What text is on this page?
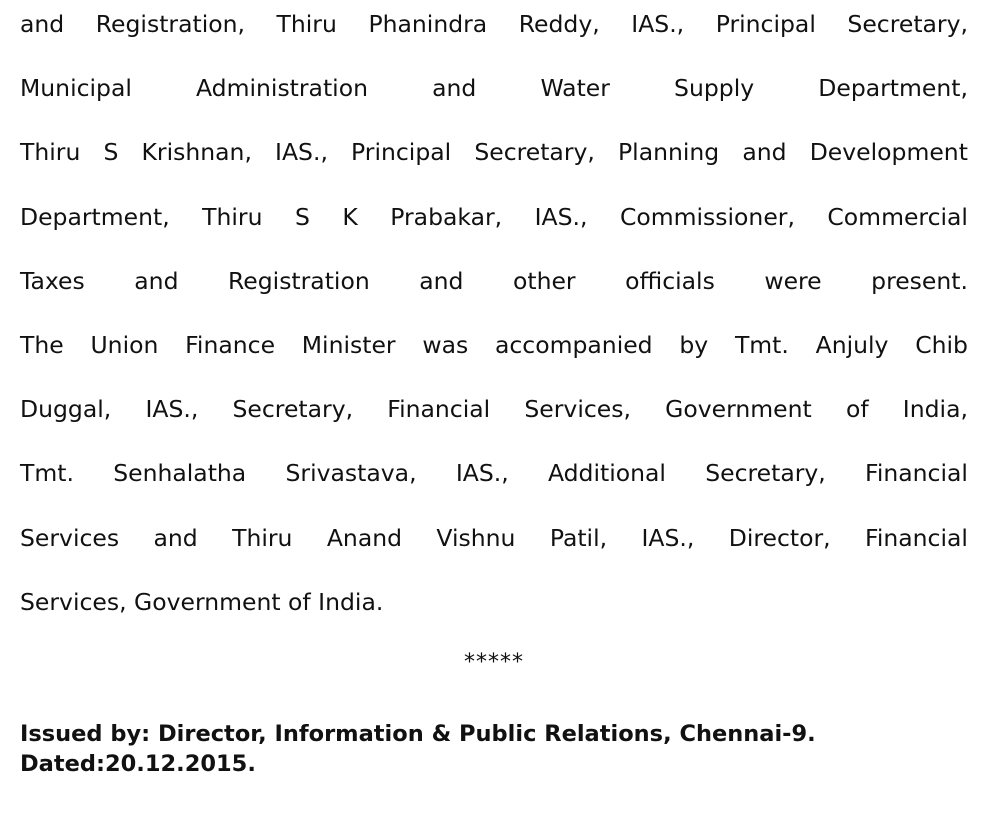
and Registration, Thiru Phanindra Reddy, IAS., Principal Secretary,
Municipal	Administration	and	Water	Supply	Department,
Thiru S Krishnan, IAS., Principal Secretary, Planning and Development
Department, Thiru S K Prabakar, IAS., Commissioner, Commercial
Taxes and Registration and other officials were present.
The Union Finance Minister was accompanied by Tmt. Anjuly Chib
Duggal, IAS., Secretary, Financial Services, Government of India,
Tmt. Senhalatha Srivastava, IAS., Additional Secretary, Financial
Services and Thiru Anand Vishnu Patil, IAS., Director, Financial
Services, Government of India.
*****
Issued by: Director, Information & Public Relations, Chennai-9.
Dated:20.12.2015.
